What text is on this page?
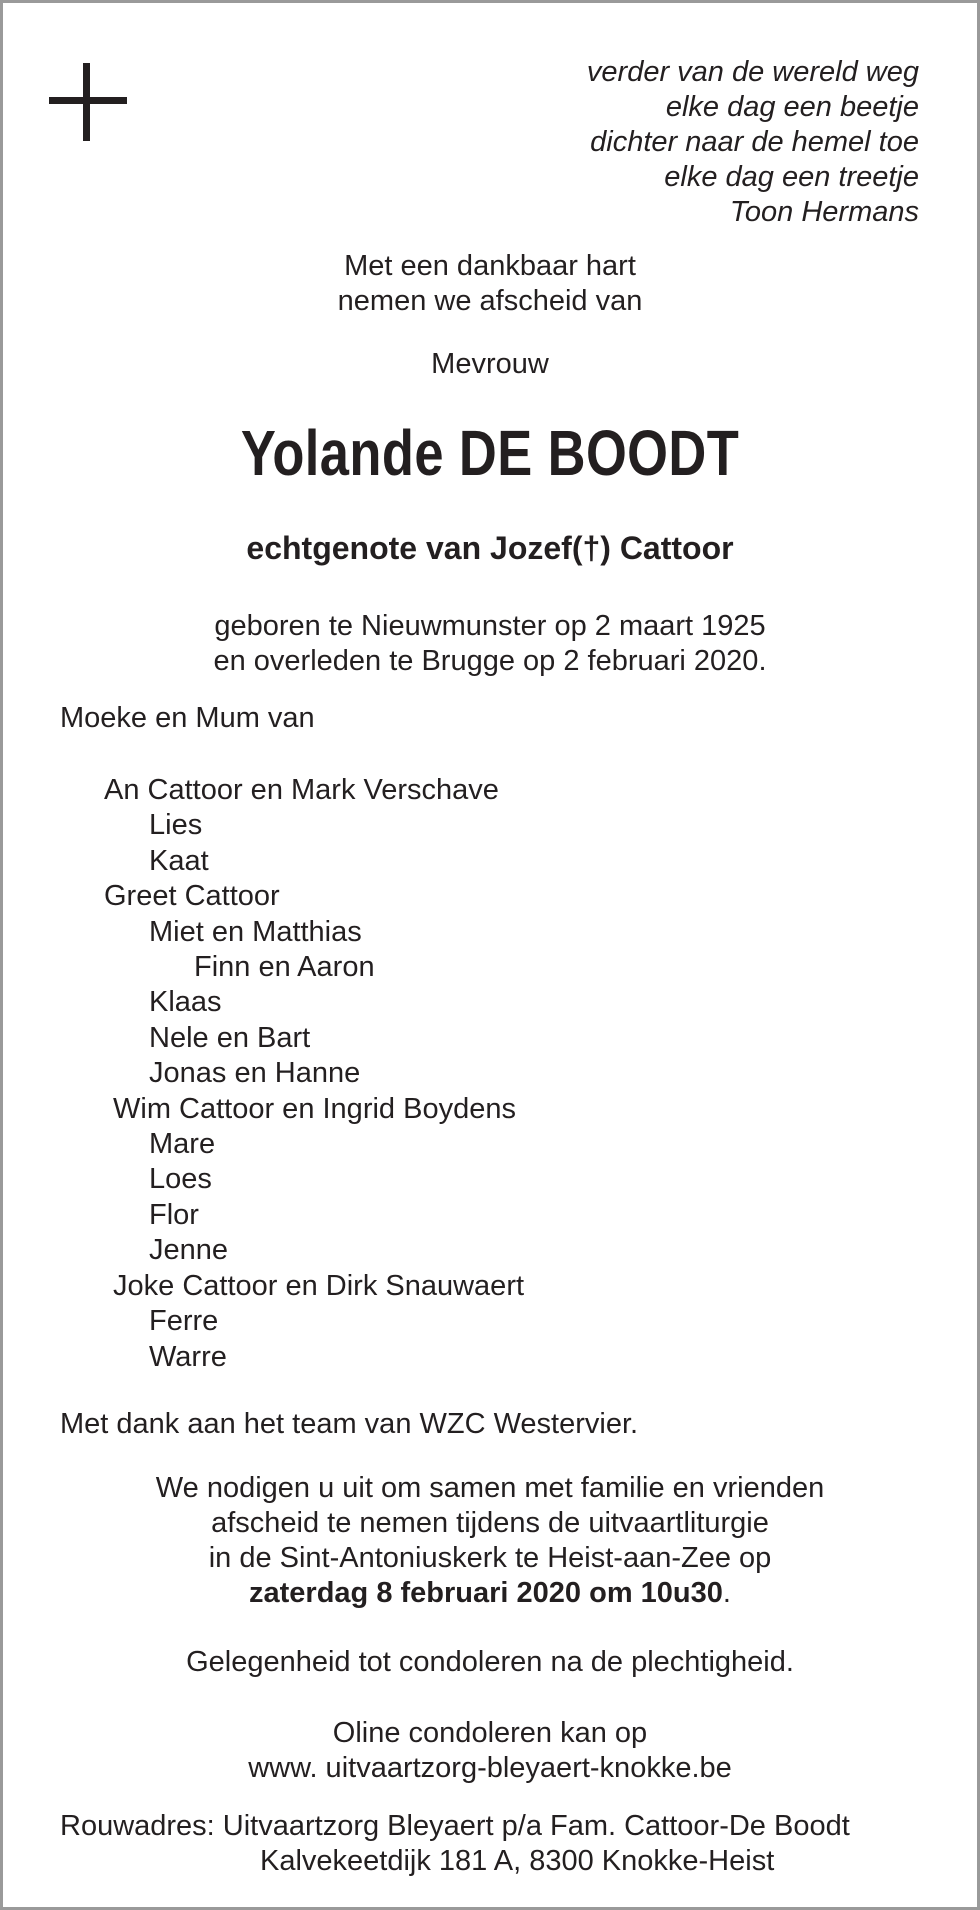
verder van de wereld weg
elke dag een beetje
dichter naar de hemel toe
elke dag een treetje
Toon Hermans
Met een dankbaar hart
nemen we afscheid van
Mevrouw
Yolande DE BOODT
echtgenote van Jozef(†) Cattoor
geboren te Nieuwmunster op 2 maart 1925
en overleden te Brugge op 2 februari 2020.
Moeke en Mum van
An Cattoor en Mark Verschave
Lies
Kaat
Greet Cattoor
Miet en Matthias
Finn en Aaron
Klaas
Nele en Bart
Jonas en Hanne
Wim Cattoor en Ingrid Boydens
Mare
Loes
Flor
Jenne
Joke Cattoor en Dirk Snauwaert
Ferre
Warre
Met dank aan het team van WZC Westervier.
We nodigen u uit om samen met familie en vrienden
afscheid te nemen tijdens de uitvaartliturgie
in de Sint-Antoniuskerk te Heist-aan-Zee op
zaterdag 8 februari 2020 om 10u30.
Gelegenheid tot condoleren na de plechtigheid.
Oline condoleren kan op
www. uitvaartzorg-bleyaert-knokke.be
Rouwadres: Uitvaartzorg Bleyaert p/a Fam. Cattoor-De Boodt
Kalvekeetdijk 181 A, 8300 Knokke-Heist
